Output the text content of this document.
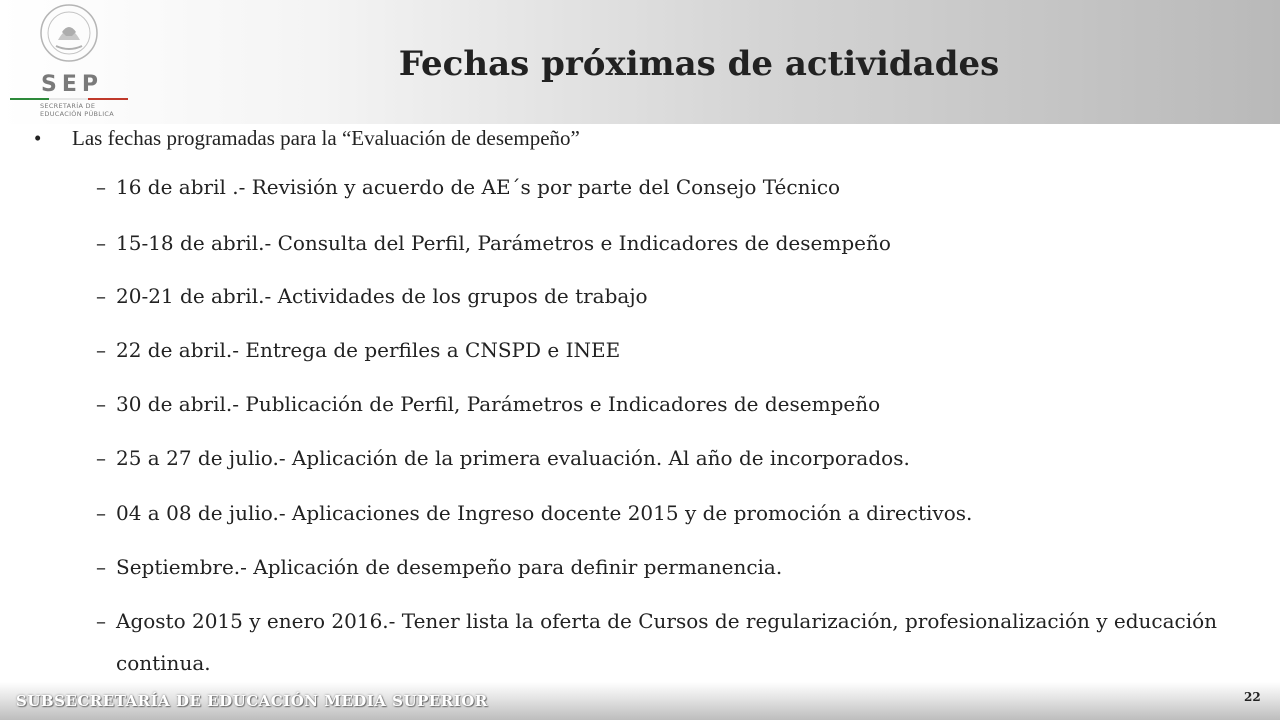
SEP
SECRETARÍA DE
EDUCACIÓN PÚBLICA
Fechas próximas de actividades
• Las fechas programadas para la “Evaluación de desempeño”
– 16 de abril .- Revisión y acuerdo de AE´s por parte del Consejo Técnico
– 15-18 de abril.- Consulta del Perfil, Parámetros e Indicadores de desempeño
– 20-21 de abril.- Actividades de los grupos de trabajo
– 22 de abril.- Entrega de perfiles a CNSPD e INEE
– 30 de abril.- Publicación de Perfil, Parámetros e Indicadores de desempeño
– 25 a 27 de julio.- Aplicación de la primera evaluación. Al año de incorporados.
– 04 a 08 de julio.- Aplicaciones de Ingreso docente 2015 y de promoción a directivos.
– Septiembre.- Aplicación de desempeño para definir permanencia.
– Agosto 2015 y enero 2016.- Tener lista la oferta de Cursos de regularización, profesionalización y educación continua.
SUBSECRETARÍA DE EDUCACIÓN MEDIA SUPERIOR	22
